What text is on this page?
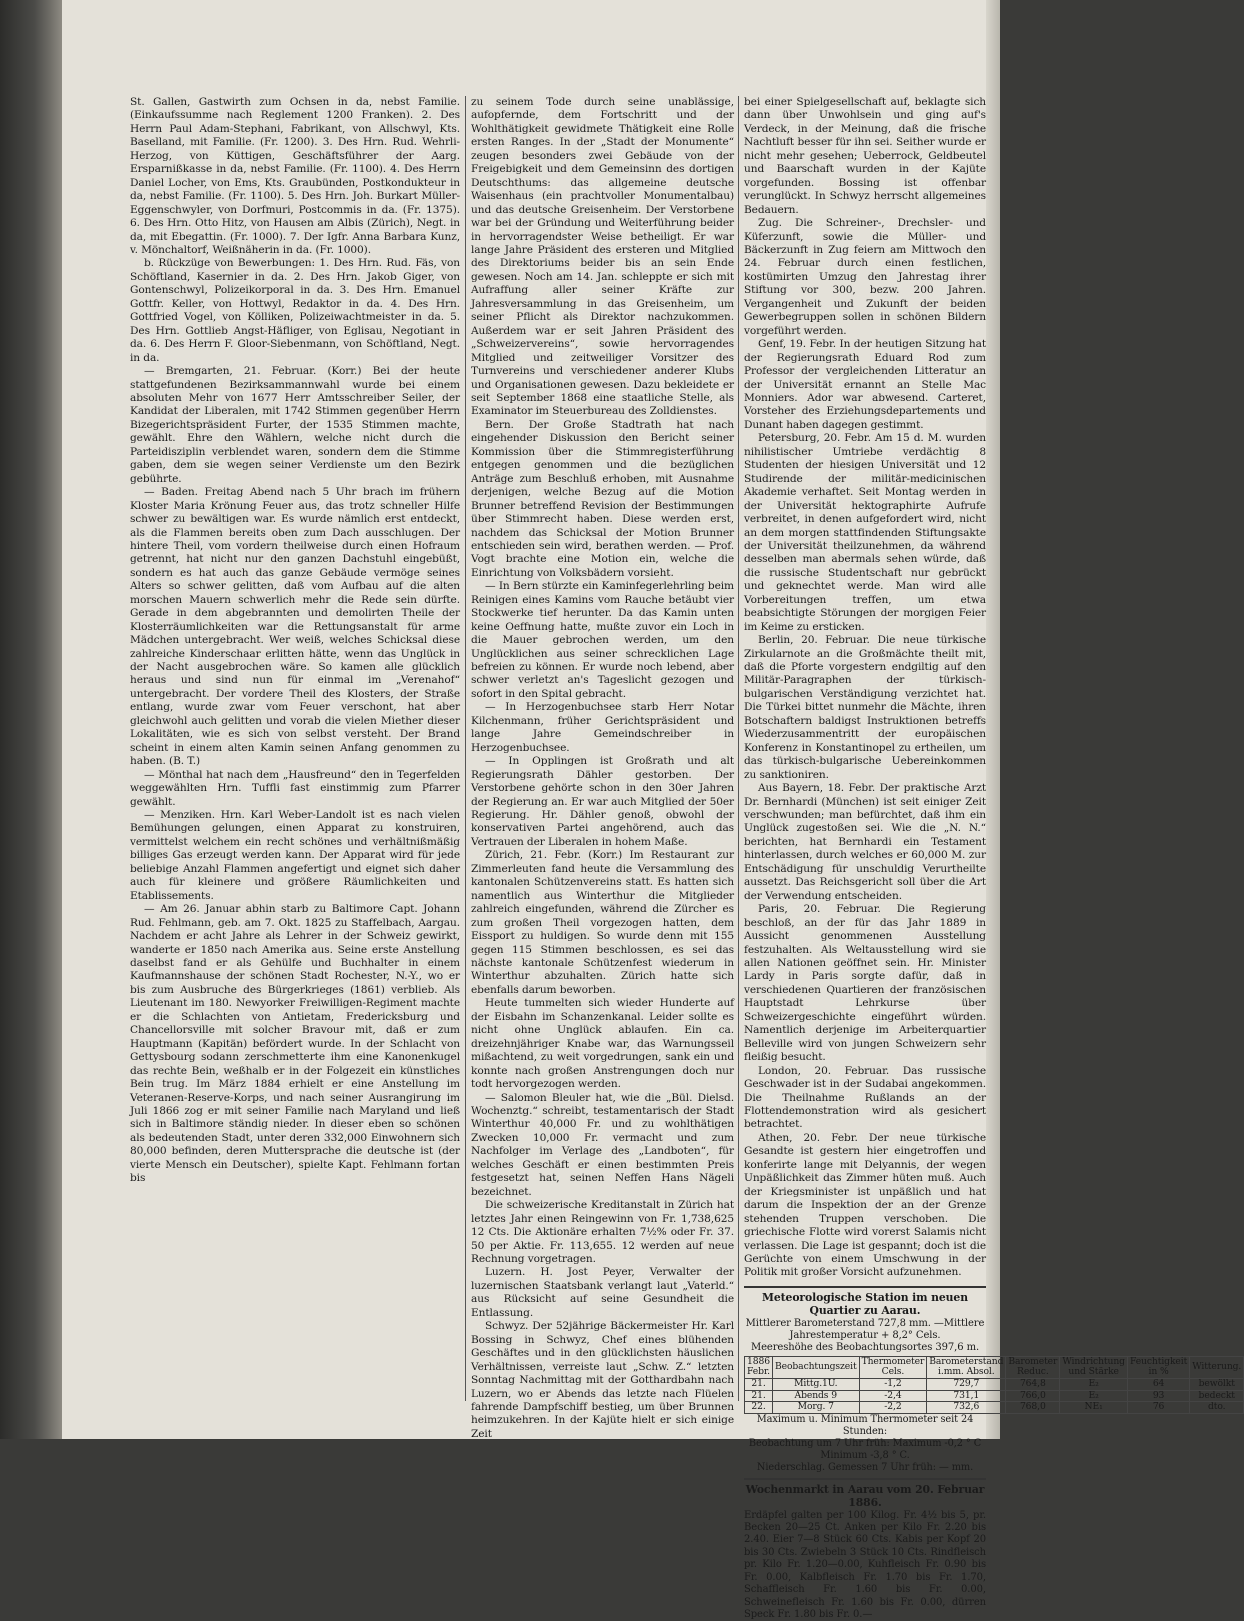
St. Gallen, Gastwirth zum Ochsen in da, nebst Familie. (Einkaufssumme nach Reglement 1200 Franken). 2. Des Herrn Paul Adam-Stephani, Fabrikant, von Allschwyl, Kts. Baselland, mit Familie. (Fr. 1200). 3. Des Hrn. Rud. Wehrli-Herzog, von Küttigen, Geschäftsführer der Aarg. Ersparnißkasse in da, nebst Familie. (Fr. 1100). 4. Des Herrn Daniel Locher, von Ems, Kts. Graubünden, Postkondukteur in da, nebst Familie. (Fr. 1100). 5. Des Hrn. Joh. Burkart Müller-Eggenschwyler, von Dorfmuri, Postcommis in da. (Fr. 1375). 6. Des Hrn. Otto Hitz, von Hausen am Albis (Zürich), Negt. in da, mit Ebegattin. (Fr. 1000). 7. Der Igfr. Anna Barbara Kunz, v. Mönchaltorf, Weißnäherin in da. (Fr. 1000).

b. Rückzüge von Bewerbungen: 1. Des Hrn. Rud. Fäs, von Schöftland, Kasernier in da. 2. Des Hrn. Jakob Giger, von Gontenschwyl, Polizeikorporal in da. 3. Des Hrn. Emanuel Gottfr. Keller, von Hottwyl, Redaktor in da. 4. Des Hrn. Gottfried Vogel, von Kölliken, Polizeiwachtmeister in da. 5. Des Hrn. Gottlieb Angst-Häfliger, von Eglisau, Negotiant in da. 6. Des Herrn F. Gloor-Siebenmann, von Schöftland, Negt. in da.

— Bremgarten, 21. Februar. (Korr.) Bei der heute stattgefundenen Bezirksammannwahl wurde bei einem absoluten Mehr von 1677 Herr Amtsschreiber Seiler, der Kandidat der Liberalen, mit 1742 Stimmen gegenüber Herrn Bizegerichtspräsident Furter, der 1535 Stimmen machte, gewählt. Ehre den Wählern, welche nicht durch die Parteidisziplin verblendet waren, sondern dem die Stimme gaben, dem sie wegen seiner Verdienste um den Bezirk gebührte.

— Baden. Freitag Abend nach 5 Uhr brach im frühern Kloster Maria Krönung Feuer aus, das trotz schneller Hilfe schwer zu bewältigen war. Es wurde nämlich erst entdeckt, als die Flammen bereits oben zum Dach ausschlugen. Der hintere Theil, vom vordern theilweise durch einen Hofraum getrennt, hat nicht nur den ganzen Dachstuhl eingebüßt, sondern es hat auch das ganze Gebäude vermöge seines Alters so schwer gelitten, daß vom Aufbau auf die alten morschen Mauern schwerlich mehr die Rede sein dürfte. Gerade in dem abgebrannten und demolirten Theile der Klosterräumlichkeiten war die Rettungsanstalt für arme Mädchen untergebracht. Wer weiß, welches Schicksal diese zahlreiche Kinderschaar erlitten hätte, wenn das Unglück in der Nacht ausgebrochen wäre. So kamen alle glücklich heraus und sind nun für einmal im „Verenahof“ untergebracht. Der vordere Theil des Klosters, der Straße entlang, wurde zwar vom Feuer verschont, hat aber gleichwohl auch gelitten und vorab die vielen Miether dieser Lokalitäten, wie es sich von selbst versteht. Der Brand scheint in einem alten Kamin seinen Anfang genommen zu haben. (B. T.)

— Mönthal hat nach dem „Hausfreund“ den in Tegerfelden weggewählten Hrn. Tuffli fast einstimmig zum Pfarrer gewählt.

— Menziken. Hrn. Karl Weber-Landolt ist es nach vielen Bemühungen gelungen, einen Apparat zu konstruiren, vermittelst welchem ein recht schönes und verhältnißmäßig billiges Gas erzeugt werden kann. Der Apparat wird für jede beliebige Anzahl Flammen angefertigt und eignet sich daher auch für kleinere und größere Räumlichkeiten und Etablissements.

— Am 26. Januar abhin starb zu Baltimore Capt. Johann Rud. Fehlmann, geb. am 7. Okt. 1825 zu Staffelbach, Aargau. Nachdem er acht Jahre als Lehrer in der Schweiz gewirkt, wanderte er 1850 nach Amerika aus. Seine erste Anstellung daselbst fand er als Gehülfe und Buchhalter in einem Kaufmannshause der schönen Stadt Rochester, N.-Y., wo er bis zum Ausbruche des Bürgerkrieges (1861) verblieb. Als Lieutenant im 180. Newyorker Freiwilligen-Regiment machte er die Schlachten von Antietam, Fredericksburg und Chancellorsville mit solcher Bravour mit, daß er zum Hauptmann (Kapitän) befördert wurde. In der Schlacht von Gettysbourg sodann zerschmetterte ihm eine Kanonenkugel das rechte Bein, weßhalb er in der Folgezeit ein künstliches Bein trug. Im März 1884 erhielt er eine Anstellung im Veteranen-Reserve-Korps, und nach seiner Ausrangirung im Juli 1866 zog er mit seiner Familie nach Maryland und ließ sich in Baltimore ständig nieder. In dieser eben so schönen als bedeutenden Stadt, unter deren 332,000 Einwohnern sich 80,000 befinden, deren Muttersprache die deutsche ist (der vierte Mensch ein Deutscher), spielte Kapt. Fehlmann fortan bis

zu seinem Tode durch seine unablässige, aufopfernde, dem Fortschritt und der Wohlthätigkeit gewidmete Thätigkeit eine Rolle ersten Ranges. In der „Stadt der Monumente“ zeugen besonders zwei Gebäude von der Freigebigkeit und dem Gemeinsinn des dortigen Deutschthums: das allgemeine deutsche Waisenhaus (ein prachtvoller Monumentalbau) und das deutsche Greisenheim. Der Verstorbene war bei der Gründung und Weiterführung beider in hervorragendster Weise betheiligt. Er war lange Jahre Präsident des ersteren und Mitglied des Direktoriums beider bis an sein Ende gewesen. Noch am 14. Jan. schleppte er sich mit Aufraffung aller seiner Kräfte zur Jahresversammlung in das Greisenheim, um seiner Pflicht als Direktor nachzukommen. Außerdem war er seit Jahren Präsident des „Schweizervereins“, sowie hervorragendes Mitglied und zeitweiliger Vorsitzer des Turnvereins und verschiedener anderer Klubs und Organisationen gewesen. Dazu bekleidete er seit September 1868 eine staatliche Stelle, als Examinator im Steuerbureau des Zolldienstes.

Bern. Der Große Stadtrath hat nach eingehender Diskussion den Bericht seiner Kommission über die Stimmregisterführung entgegen genommen und die bezüglichen Anträge zum Beschluß erhoben, mit Ausnahme derjenigen, welche Bezug auf die Motion Brunner betreffend Revision der Bestimmungen über Stimmrecht haben. Diese werden erst, nachdem das Schicksal der Motion Brunner entschieden sein wird, berathen werden. — Prof. Vogt brachte eine Motion ein, welche die Einrichtung von Volksbädern vorsieht.

— In Bern stürzte ein Kaminfegerlehrling beim Reinigen eines Kamins vom Rauche betäubt vier Stockwerke tief herunter. Da das Kamin unten keine Oeffnung hatte, mußte zuvor ein Loch in die Mauer gebrochen werden, um den Unglücklichen aus seiner schrecklichen Lage befreien zu können. Er wurde noch lebend, aber schwer verletzt an's Tageslicht gezogen und sofort in den Spital gebracht.

— In Herzogenbuchsee starb Herr Notar Kilchenmann, früher Gerichtspräsident und lange Jahre Gemeindschreiber in Herzogenbuchsee.

— In Opplingen ist Großrath und alt Regierungsrath Dähler gestorben. Der Verstorbene gehörte schon in den 30er Jahren der Regierung an. Er war auch Mitglied der 50er Regierung. Hr. Dähler genoß, obwohl der konservativen Partei angehörend, auch das Vertrauen der Liberalen in hohem Maße.

Zürich, 21. Febr. (Korr.) Im Restaurant zur Zimmerleuten fand heute die Versammlung des kantonalen Schützenvereins statt. Es hatten sich namentlich aus Winterthur die Mitglieder zahlreich eingefunden, während die Zürcher es zum großen Theil vorgezogen hatten, dem Eissport zu huldigen. So wurde denn mit 155 gegen 115 Stimmen beschlossen, es sei das nächste kantonale Schützenfest wiederum in Winterthur abzuhalten. Zürich hatte sich ebenfalls darum beworben.

Heute tummelten sich wieder Hunderte auf der Eisbahn im Schanzenkanal. Leider sollte es nicht ohne Unglück ablaufen. Ein ca. dreizehnjähriger Knabe war, das Warnungsseil mißachtend, zu weit vorgedrungen, sank ein und konnte nach großen Anstrengungen doch nur todt hervorgezogen werden.

— Salomon Bleuler hat, wie die „Bül. Dielsd. Wochenztg.“ schreibt, testamentarisch der Stadt Winterthur 40,000 Fr. und zu wohlthätigen Zwecken 10,000 Fr. vermacht und zum Nachfolger im Verlage des „Landboten“, für welches Geschäft er einen bestimmten Preis festgesetzt hat, seinen Neffen Hans Nägeli bezeichnet.

Die schweizerische Kreditanstalt in Zürich hat letztes Jahr einen Reingewinn von Fr. 1,738,625 12 Cts. Die Aktionäre erhalten 7½% oder Fr. 37. 50 per Aktie. Fr. 113,655. 12 werden auf neue Rechnung vorgetragen.

Luzern. H. Jost Peyer, Verwalter der luzernischen Staatsbank verlangt laut „Vaterld.“ aus Rücksicht auf seine Gesundheit die Entlassung.

Schwyz. Der 52jährige Bäckermeister Hr. Karl Bossing in Schwyz, Chef eines blühenden Geschäftes und in den glücklichsten häuslichen Verhältnissen, verreiste laut „Schw. Z.“ letzten Sonntag Nachmittag mit der Gotthardbahn nach Luzern, wo er Abends das letzte nach Flüelen fahrende Dampfschiff bestieg, um über Brunnen heimzukehren. In der Kajüte hielt er sich einige Zeit

bei einer Spielgesellschaft auf, beklagte sich dann über Unwohlsein und ging auf's Verdeck, in der Meinung, daß die frische Nachtluft besser für ihn sei. Seither wurde er nicht mehr gesehen; Ueberrock, Geldbeutel und Baarschaft wurden in der Kajüte vorgefunden. Bossing ist offenbar verunglückt. In Schwyz herrscht allgemeines Bedauern.

Zug. Die Schreiner-, Drechsler- und Küferzunft, sowie die Müller- und Bäckerzunft in Zug feiern am Mittwoch den 24. Februar durch einen festlichen, kostümirten Umzug den Jahrestag ihrer Stiftung vor 300, bezw. 200 Jahren. Vergangenheit und Zukunft der beiden Gewerbegruppen sollen in schönen Bildern vorgeführt werden.

Genf, 19. Febr. In der heutigen Sitzung hat der Regierungsrath Eduard Rod zum Professor der vergleichenden Litteratur an der Universität ernannt an Stelle Mac Monniers. Ador war abwesend. Carteret, Vorsteher des Erziehungsdepartements und Dunant haben dagegen gestimmt.

Petersburg, 20. Febr. Am 15 d. M. wurden nihilistischer Umtriebe verdächtig 8 Studenten der hiesigen Universität und 12 Studirende der militär-medicinischen Akademie verhaftet. Seit Montag werden in der Universität hektographirte Aufrufe verbreitet, in denen aufgefordert wird, nicht an dem morgen stattfindenden Stiftungsakte der Universität theilzunehmen, da während desselben man abermals sehen würde, daß die russische Studentschaft nur gebrückt und geknechtet werde. Man wird alle Vorbereitungen treffen, um etwa beabsichtigte Störungen der morgigen Feier im Keime zu ersticken.

Berlin, 20. Februar. Die neue türkische Zirkularnote an die Großmächte theilt mit, daß die Pforte vorgestern endgiltig auf den Militär-Paragraphen der türkisch-bulgarischen Verständigung verzichtet hat. Die Türkei bittet nunmehr die Mächte, ihren Botschaftern baldigst Instruktionen betreffs Wiederzusammentritt der europäischen Konferenz in Konstantinopel zu ertheilen, um das türkisch-bulgarische Uebereinkommen zu sanktioniren.

Aus Bayern, 18. Febr. Der praktische Arzt Dr. Bernhardi (München) ist seit einiger Zeit verschwunden; man befürchtet, daß ihm ein Unglück zugestoßen sei. Wie die „N. N.“ berichten, hat Bernhardi ein Testament hinterlassen, durch welches er 60,000 M. zur Entschädigung für unschuldig Verurtheilte aussetzt. Das Reichsgericht soll über die Art der Verwendung entscheiden.

Paris, 20. Februar. Die Regierung beschloß, an der für das Jahr 1889 in Aussicht genommenen Ausstellung festzuhalten. Als Weltausstellung wird sie allen Nationen geöffnet sein. Hr. Minister Lardy in Paris sorgte dafür, daß in verschiedenen Quartieren der französischen Hauptstadt Lehrkurse über Schweizergeschichte eingeführt würden. Namentlich derjenige im Arbeiterquartier Belleville wird von jungen Schweizern sehr fleißig besucht.

London, 20. Februar. Das russische Geschwader ist in der Sudabai angekommen. Die Theilnahme Rußlands an der Flottendemonstration wird als gesichert betrachtet.

Athen, 20. Febr. Der neue türkische Gesandte ist gestern hier eingetroffen und konferirte lange mit Delyannis, der wegen Unpäßlichkeit das Zimmer hüten muß. Auch der Kriegsminister ist unpäßlich und hat darum die Inspektion der an der Grenze stehenden Truppen verschoben. Die griechische Flotte wird vorerst Salamis nicht verlassen. Die Lage ist gespannt; doch ist die Gerüchte von einem Umschwung in der Politik mit großer Vorsicht aufzunehmen.

Meteorologische Station im neuen Quartier zu Aarau.
Mittlerer Barometerstand 727,8 mm. —Mittlere Jahrestemperatur + 8,2° Cels.
Meereshöhe des Beobachtungsortes 397,6 m.
1886 Febr.	Beobachtungszeit	Thermometer Cels.	Barometerstand i.mm. Absol.	Barometer Reduc.	Windrichtung und Stärke	Feuchtigkeit in %	Witterung.
21.	Mittg.1U.	-1,2	729,7	764,8	E₂	64	bewölkt
21.	Abends 9	-2,4	731,1	766,0	E₂	93	bedeckt
22.	Morg. 7	-2,2	732,6	768,0	NE₁	76	dto.
Maximum u. Minimum Thermometer seit 24 Stunden:
Beobachtung um 7 Uhr früh: Maximum -0,2 ° C
Minimum -3,8 ° C.
Niederschlag. Gemessen 7 Uhr früh: — mm.
Wochenmarkt in Aarau vom 20. Februar 1886.
Erdäpfel galten per 100 Kilog. Fr. 4½ bis 5, pr. Becken 20—25 Ct. Anken per Kilo Fr. 2.20 bis 2.40. Eier 7—8 Stück 60 Cts. Kabis per Kopf 20 bis 30 Cts. Zwiebeln 3 Stück 10 Cts. Rindfleisch pr. Kilo Fr. 1.20—0.00, Kuhfleisch Fr. 0.90 bis Fr. 0.00, Kalbfleisch Fr. 1.70 bis Fr. 1.70, Schaffleisch Fr. 1.60 bis Fr. 0.00, Schweinefleisch Fr. 1.60 bis Fr. 0.00, dürren Speck Fr. 1.80 bis Fr. 0.—
